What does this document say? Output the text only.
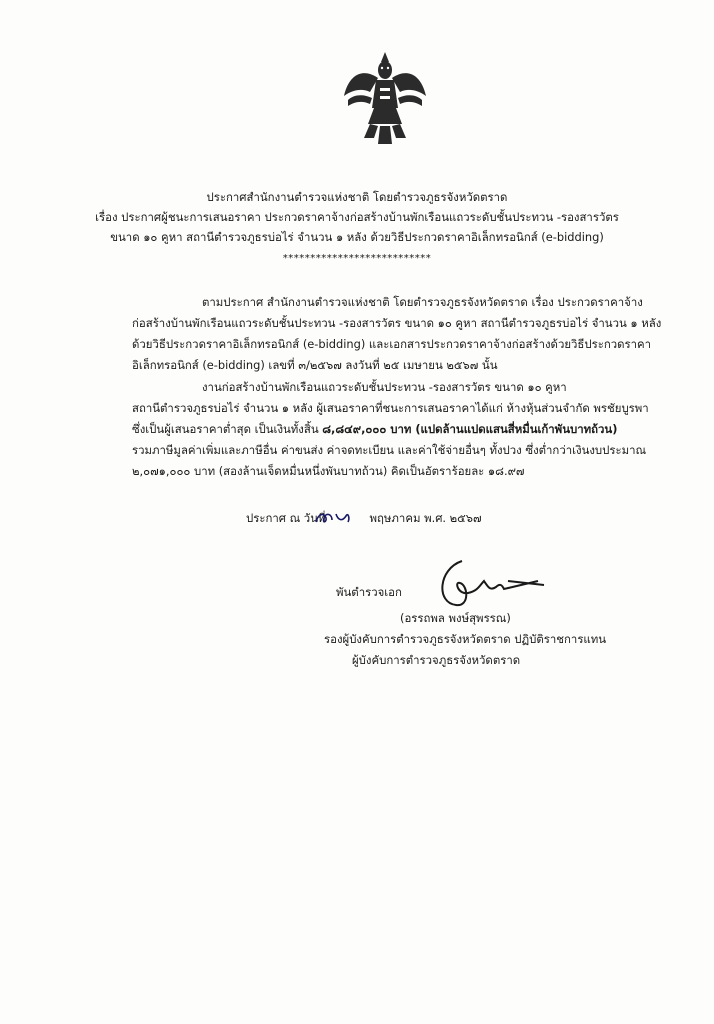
ประกาศสำนักงานตำรวจแห่งชาติ โดยตำรวจภูธรจังหวัดตราด
เรื่อง ประกาศผู้ชนะการเสนอราคา ประกวดราคาจ้างก่อสร้างบ้านพักเรือนแถวระดับชั้นประทวน -รองสารวัตร
ขนาด ๑๐ คูหา สถานีตำรวจภูธรบ่อไร่ จำนวน ๑ หลัง ด้วยวิธีประกวดราคาอิเล็กทรอนิกส์ (e-bidding)
***************************
ตามประกาศ สำนักงานตำรวจแห่งชาติ โดยตำรวจภูธรจังหวัดตราด เรื่อง ประกวดราคาจ้าง
ก่อสร้างบ้านพักเรือนแถวระดับชั้นประทวน -รองสารวัตร ขนาด ๑๐ คูหา สถานีตำรวจภูธรบ่อไร่ จำนวน ๑ หลัง
ด้วยวิธีประกวดราคาอิเล็กทรอนิกส์ (e-bidding) และเอกสารประกวดราคาจ้างก่อสร้างด้วยวิธีประกวดราคา
อิเล็กทรอนิกส์ (e-bidding) เลขที่ ๓/๒๕๖๗ ลงวันที่ ๒๕ เมษายน ๒๕๖๗ นั้น
งานก่อสร้างบ้านพักเรือนแถวระดับชั้นประทวน -รองสารวัตร ขนาด ๑๐ คูหา
สถานีตำรวจภูธรบ่อไร่ จำนวน ๑ หลัง ผู้เสนอราคาที่ชนะการเสนอราคาได้แก่ ห้างหุ้นส่วนจำกัด พรชัยบูรพา
ซึ่งเป็นผู้เสนอราคาต่ำสุด เป็นเงินทั้งสิ้น ๘,๘๔๙,๐๐๐ บาท (แปดล้านแปดแสนสี่หมื่นเก้าพันบาทถ้วน)
รวมภาษีมูลค่าเพิ่มและภาษีอื่น ค่าขนส่ง ค่าจดทะเบียน และค่าใช้จ่ายอื่นๆ ทั้งปวง ซึ่งต่ำกว่าเงินงบประมาณ
๒,๐๗๑,๐๐๐ บาท (สองล้านเจ็ดหมื่นหนึ่งพันบาทถ้วน) คิดเป็นอัตราร้อยละ ๑๘.๙๗
ประกาศ ณ วันที่	พฤษภาคม พ.ศ. ๒๕๖๗
พันตำรวจเอก
(อรรถพล พงษ์สุพรรณ)
รองผู้บังคับการตำรวจภูธรจังหวัดตราด ปฏิบัติราชการแทน
ผู้บังคับการตำรวจภูธรจังหวัดตราด
